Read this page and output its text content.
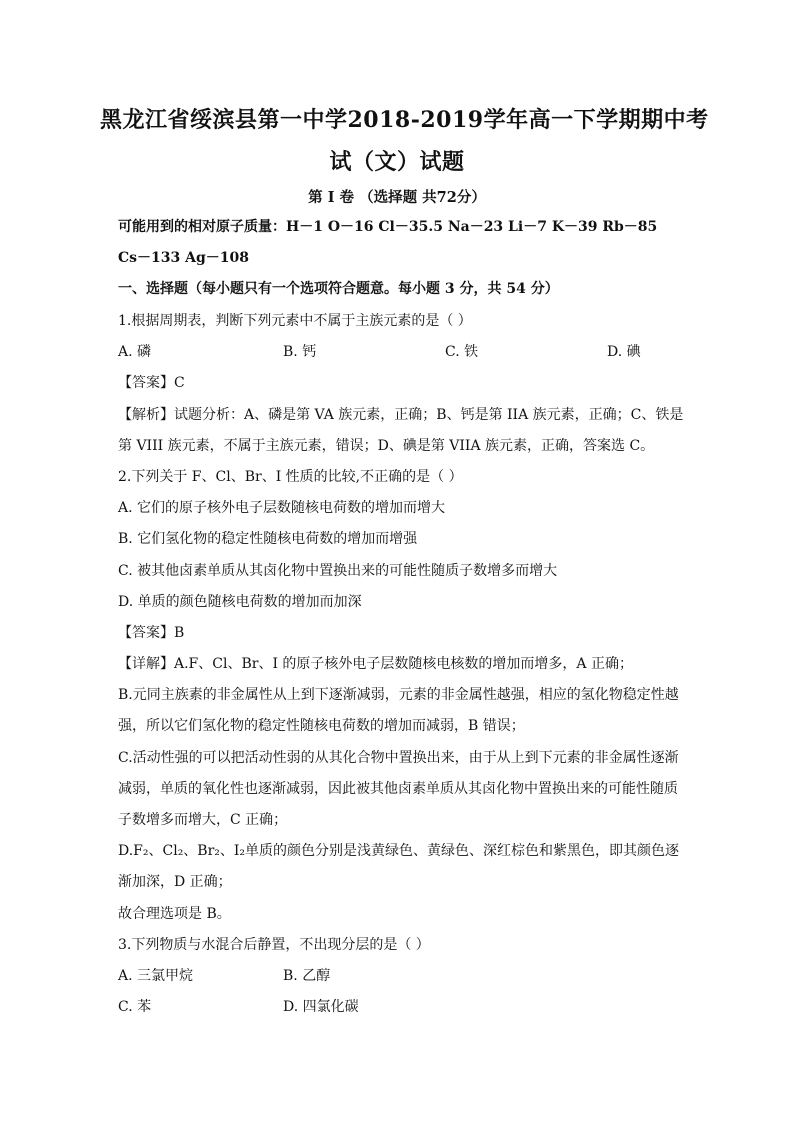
黑龙江省绥滨县第一中学2018-2019学年高一下学期期中考
试（文）试题
第 I 卷 （选择题 共72分）
可能用到的相对原子质量：H－1 O－16 Cl－35.5 Na－23 Li－7 K－39 Rb－85
Cs－133 Ag－108
一、选择题（每小题只有一个选项符合题意。每小题 3 分，共 54 分）
1.根据周期表，判断下列元素中不属于主族元素的是（ ）
A. 磷	B. 钙	C. 铁	D. 碘
【答案】C
【解析】试题分析：A、磷是第 VA 族元素，正确；B、钙是第 IIA 族元素，正确；C、铁是
第 VIII 族元素，不属于主族元素，错误；D、碘是第 VIIA 族元素，正确，答案选 C。
2.下列关于 F、Cl、Br、I 性质的比较,不正确的是（ ）
A. 它们的原子核外电子层数随核电荷数的增加而增大
B. 它们氢化物的稳定性随核电荷数的增加而增强
C. 被其他卤素单质从其卤化物中置换出来的可能性随质子数增多而增大
D. 单质的颜色随核电荷数的增加而加深
【答案】B
【详解】A.F、Cl、Br、I 的原子核外电子层数随核电核数的增加而增多，A 正确；
B.元同主族素的非金属性从上到下逐渐减弱，元素的非金属性越强，相应的氢化物稳定性越
强，所以它们氢化物的稳定性随核电荷数的增加而减弱，B 错误；
C.活动性强的可以把活动性弱的从其化合物中置换出来，由于从上到下元素的非金属性逐渐
减弱，单质的氧化性也逐渐减弱，因此被其他卤素单质从其卤化物中置换出来的可能性随质
子数增多而增大，C 正确；
D.F₂、Cl₂、Br₂、I₂单质的颜色分别是浅黄绿色、黄绿色、深红棕色和紫黑色，即其颜色逐
渐加深，D 正确；
故合理选项是 B。
3.下列物质与水混合后静置，不出现分层的是（ ）
A. 三氯甲烷	B. 乙醇
C. 苯	D. 四氯化碳
